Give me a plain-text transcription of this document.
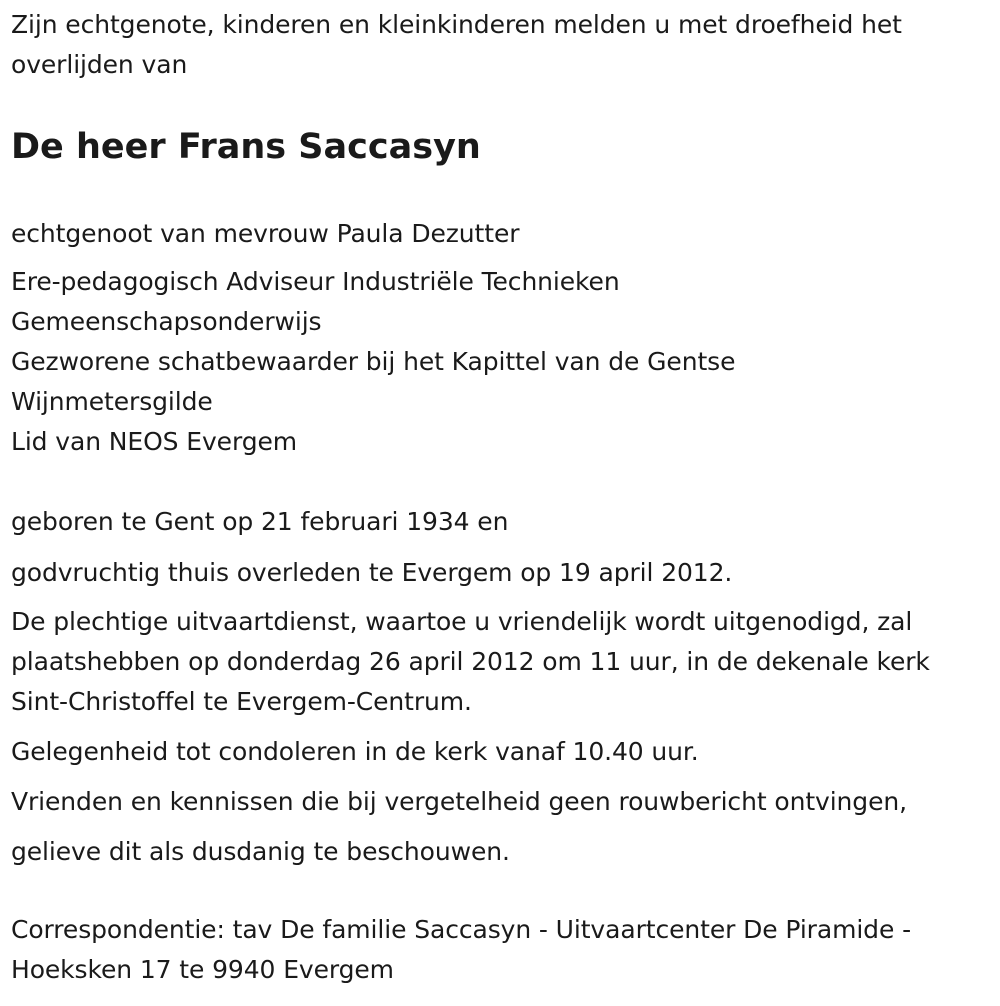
Zijn echtgenote, kinderen en kleinkinderen melden u met droefheid het
overlijden van
De heer Frans Saccasyn
echtgenoot van mevrouw Paula Dezutter
Ere-pedagogisch Adviseur Industriële Technieken
Gemeenschapsonderwijs
Gezworene schatbewaarder bij het Kapittel van de Gentse
Wijnmetersgilde
Lid van NEOS Evergem
geboren te Gent op 21 februari 1934 en
godvruchtig thuis overleden te Evergem op 19 april 2012.
De plechtige uitvaartdienst, waartoe u vriendelijk wordt uitgenodigd, zal
plaatshebben op donderdag 26 april 2012 om 11 uur, in de dekenale kerk
Sint-Christoffel te Evergem-Centrum.
Gelegenheid tot condoleren in de kerk vanaf 10.40 uur.
Vrienden en kennissen die bij vergetelheid geen rouwbericht ontvingen,
gelieve dit als dusdanig te beschouwen.
Correspondentie: tav De familie Saccasyn - Uitvaartcenter De Piramide -
Hoeksken 17 te 9940 Evergem
